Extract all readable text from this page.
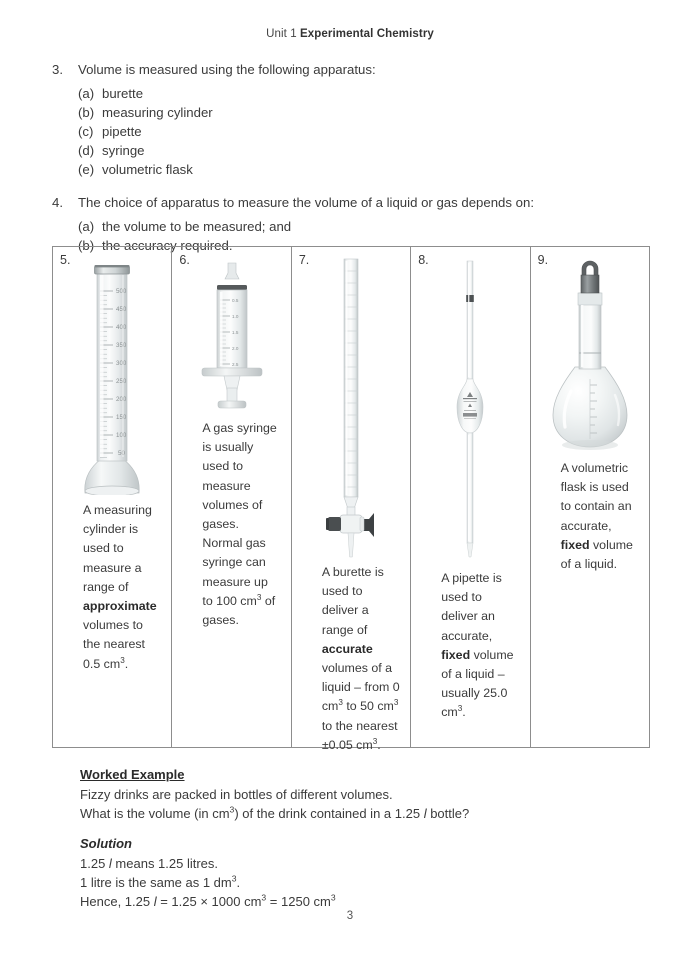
Unit 1 Experimental Chemistry
3.	Volume is measured using the following apparatus:
(a) burette
(b) measuring cylinder
(c) pipette
(d) syringe
(e) volumetric flask
4.	The choice of apparatus to measure the volume of a liquid or gas depends on:
(a) the volume to be measured; and
(b) the accuracy required.
5.
500
450
400
350
300
250
200
150
100
50
A measuring cylinder is used to measure a range of approximate volumes to the nearest 0.5 $cm^3$.
6.
0.5
1.0
1.5
2.0
2.5
A gas syringe is usually used to measure volumes of gases. Normal gas syringe can measure up to 100 $cm^3$ of gases.
7.
A burette is used to deliver a range of accurate volumes of a liquid – from 0 $cm^3$ to 50 $cm^3$ to the nearest ±0.05 $cm^3$.
8.
A pipette is used to deliver an accurate, fixed volume of a liquid – usually 25.0 $cm^3$.
9.
A volumetric flask is used to contain an accurate, fixed volume of a liquid.
Worked Example
Fizzy drinks are packed in bottles of different volumes.
What is the volume (in $cm^3$) of the drink contained in a 1.25 l bottle?
Solution
1.25 l means 1.25 litres.
1 litre is the same as 1 $dm^3$.
Hence, 1.25 l = 1.25 × 1000 $cm^3 = 1250$ $cm^3$
3
